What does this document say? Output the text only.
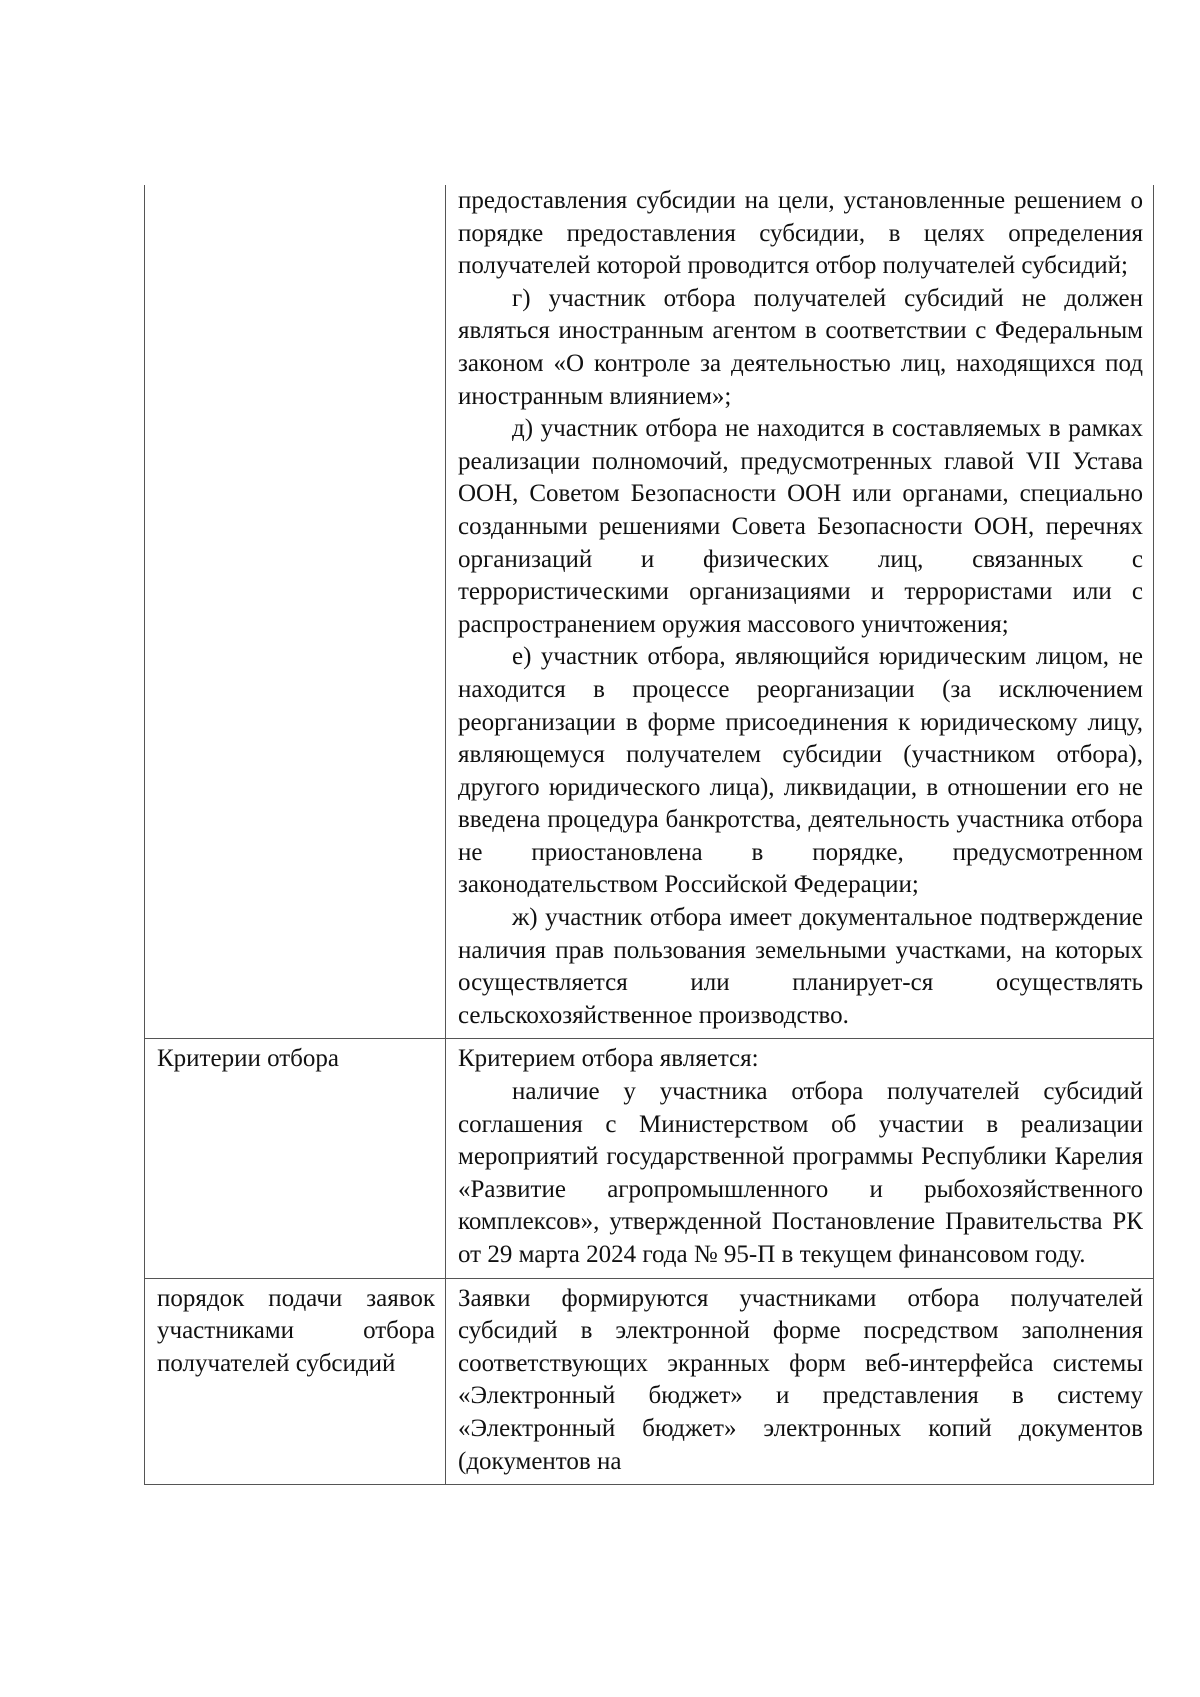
	предоставления субсидии на цели, установленные решением о порядке предоставления субсидии, в целях определения получателей которой проводится отбор получателей субсидий;

г) участник отбора получателей субсидий не должен являться иностранным агентом в соответствии с Федеральным законом «О контроле за деятельностью лиц, находящихся под иностранным влиянием»;

д) участник отбора не находится в составляемых в рамках реализации полномочий, предусмотренных главой VII Устава ООН, Советом Безопасности ООН или органами, специально созданными решениями Совета Безопасности ООН, перечнях организаций и физических лиц, связанных с террористическими организациями и террористами или с распространением оружия массового уничтожения;

е) участник отбора, являющийся юридическим лицом, не находится в процессе реорганизации (за исключением реорганизации в форме присоединения к юридическому лицу, являющемуся получателем субсидии (участником отбора), другого юридического лица), ликвидации, в отношении его не введена процедура банкротства, деятельность участника отбора не приостановлена в порядке, предусмотренном законодательством Российской Федерации;

ж) участник отбора имеет документальное подтверждение наличия прав пользования земельными участками, на которых осуществляется или планирует-ся осуществлять сельскохозяйственное производство.

Критерии отбора	Критерием отбора является:

наличие у участника отбора получателей субсидий соглашения с Министерством об участии в реализации мероприятий государственной программы Республики Карелия «Развитие агропромышленного и рыбохозяйственного комплексов», утвержденной Постановление Правительства РК от 29 марта 2024 года № 95-П в текущем финансовом году.

порядок подачи заявок участниками отбора получателей субсидий	Заявки формируются участниками отбора получателей субсидий в электронной форме посредством заполнения соответствующих экранных форм веб-интерфейса системы «Электронный бюджет» и представления в систему «Электронный бюджет» электронных копий документов (документов на
